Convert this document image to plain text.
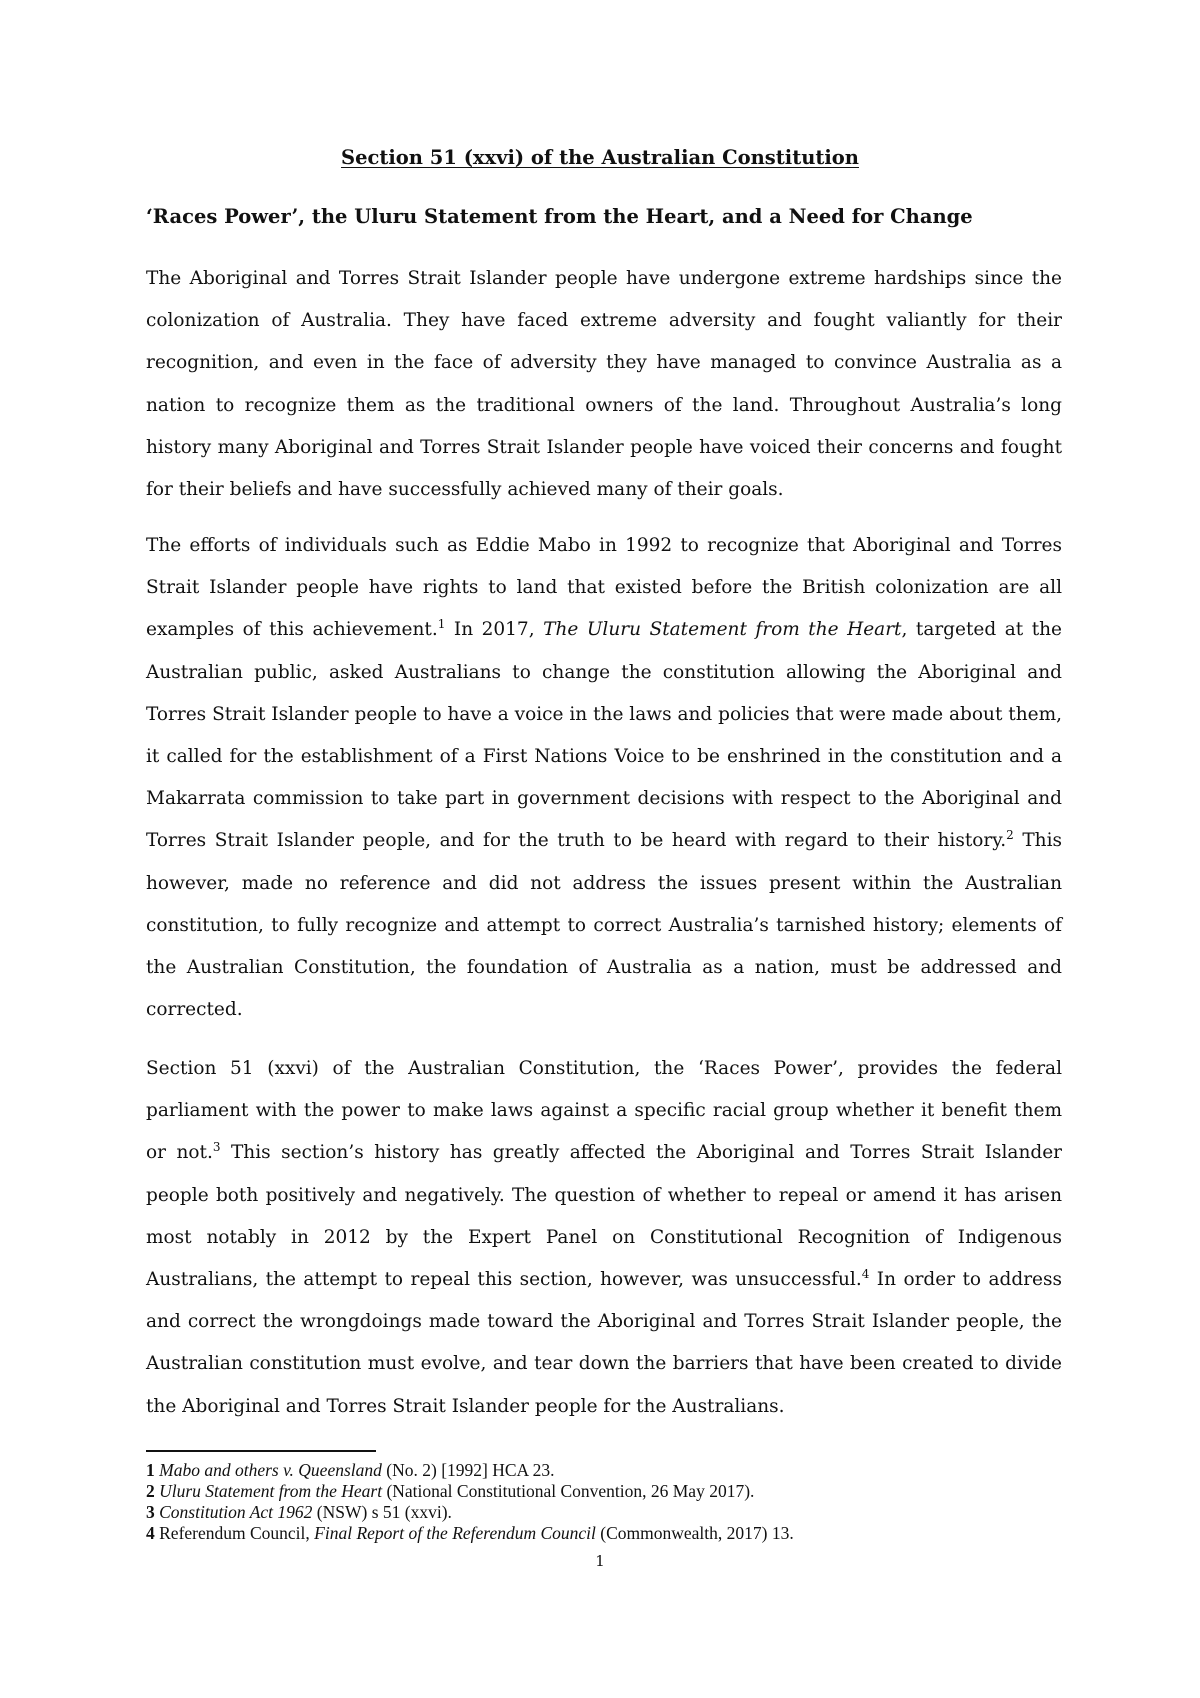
Section 51 (xxvi) of the Australian Constitution
‘Races Power’, the Uluru Statement from the Heart, and a Need for Change

The Aboriginal and Torres Strait Islander people have undergone extreme hardships since the colonization of Australia. They have faced extreme adversity and fought valiantly for their recognition, and even in the face of adversity they have managed to convince Australia as a nation to recognize them as the traditional owners of the land. Throughout Australia’s long history many Aboriginal and Torres Strait Islander people have voiced their concerns and fought for their beliefs and have successfully achieved many of their goals.

The efforts of individuals such as Eddie Mabo in 1992 to recognize that Aboriginal and Torres Strait Islander people have rights to land that existed before the British colonization are all examples of this achievement.$^1$ In 2017, The Uluru Statement from the Heart, targeted at the Australian public, asked Australians to change the constitution allowing the Aboriginal and Torres Strait Islander people to have a voice in the laws and policies that were made about them, it called for the establishment of a First Nations Voice to be enshrined in the constitution and a Makarrata commission to take part in government decisions with respect to the Aboriginal and Torres Strait Islander people, and for the truth to be heard with regard to their history.$^2$ This however, made no reference and did not address the issues present within the Australian constitution, to fully recognize and attempt to correct Australia’s tarnished history; elements of the Australian Constitution, the foundation of Australia as a nation, must be addressed and corrected.

Section 51 (xxvi) of the Australian Constitution, the ‘Races Power’, provides the federal parliament with the power to make laws against a specific racial group whether it benefit them or not.$^3$ This section’s history has greatly affected the Aboriginal and Torres Strait Islander people both positively and negatively. The question of whether to repeal or amend it has arisen most notably in 2012 by the Expert Panel on Constitutional Recognition of Indigenous Australians, the attempt to repeal this section, however, was unsuccessful.$^4$ In order to address and correct the wrongdoings made toward the Aboriginal and Torres Strait Islander people, the Australian constitution must evolve, and tear down the barriers that have been created to divide the Aboriginal and Torres Strait Islander people for the Australians.

1 Mabo and others v. Queensland (No. 2) [1992] HCA 23.
2 Uluru Statement from the Heart (National Constitutional Convention, 26 May 2017).
3 Constitution Act 1962 (NSW) s 51 (xxvi).
4 Referendum Council, Final Report of the Referendum Council (Commonwealth, 2017) 13.
1
